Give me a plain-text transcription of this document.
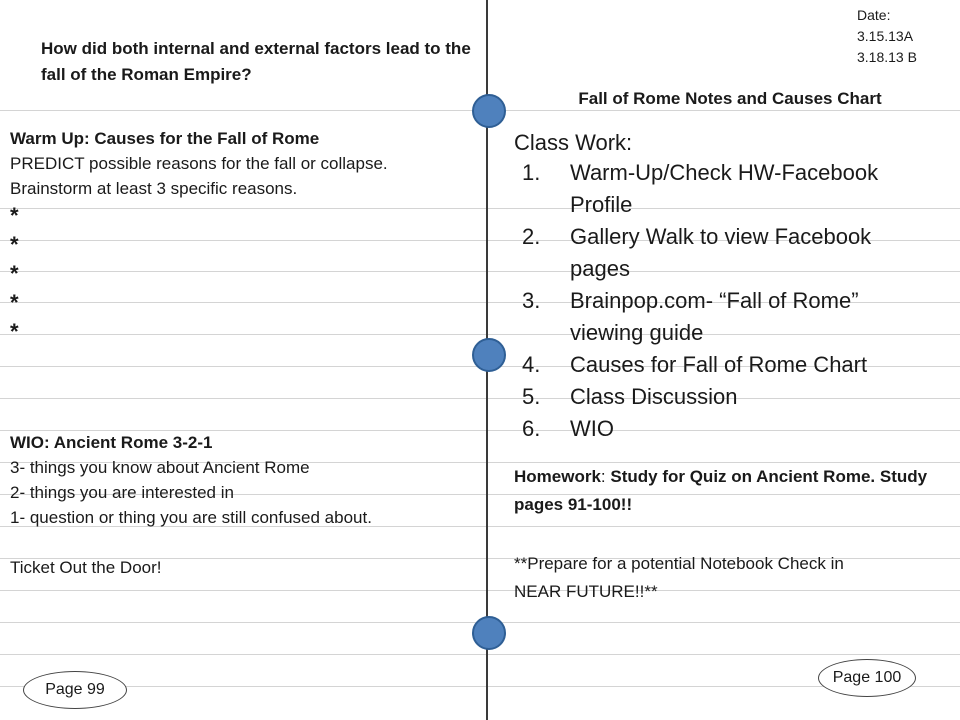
How did both internal and external factors lead to the fall of the Roman Empire?
Warm Up: Causes for the Fall of Rome
PREDICT possible reasons for the fall or collapse.
Brainstorm at least 3 specific reasons.
*
*
*
*
*
WIO: Ancient Rome 3-2-1
3- things you know about Ancient Rome
2- things you are interested in
1- question or thing you are still confused about.
Ticket Out the Door!
Page 99
Date:
3.15.13A
3.18.13 B
Fall of Rome Notes and Causes Chart
Class Work:
1. Warm-Up/Check HW-Facebook
Profile
2. Gallery Walk to view Facebook
pages
3. Brainpop.com- “Fall of Rome”
viewing guide
4. Causes for Fall of Rome Chart
5. Class Discussion
6. WIO
Homework: Study for Quiz on Ancient Rome. Study pages 91-100!!
**Prepare for a potential Notebook Check in
NEAR FUTURE!!**
Page 100
